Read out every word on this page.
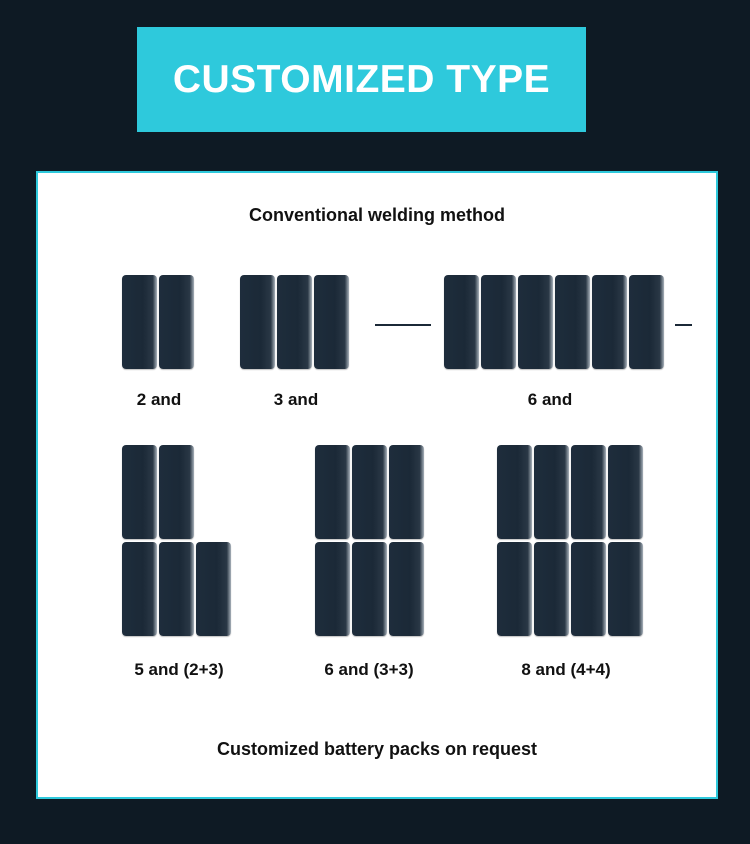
CUSTOMIZED TYPE
Conventional welding method
2 and	3 and	6 and
5 and (2+3)	6 and (3+3)	8 and (4+4)
Customized battery packs on request
